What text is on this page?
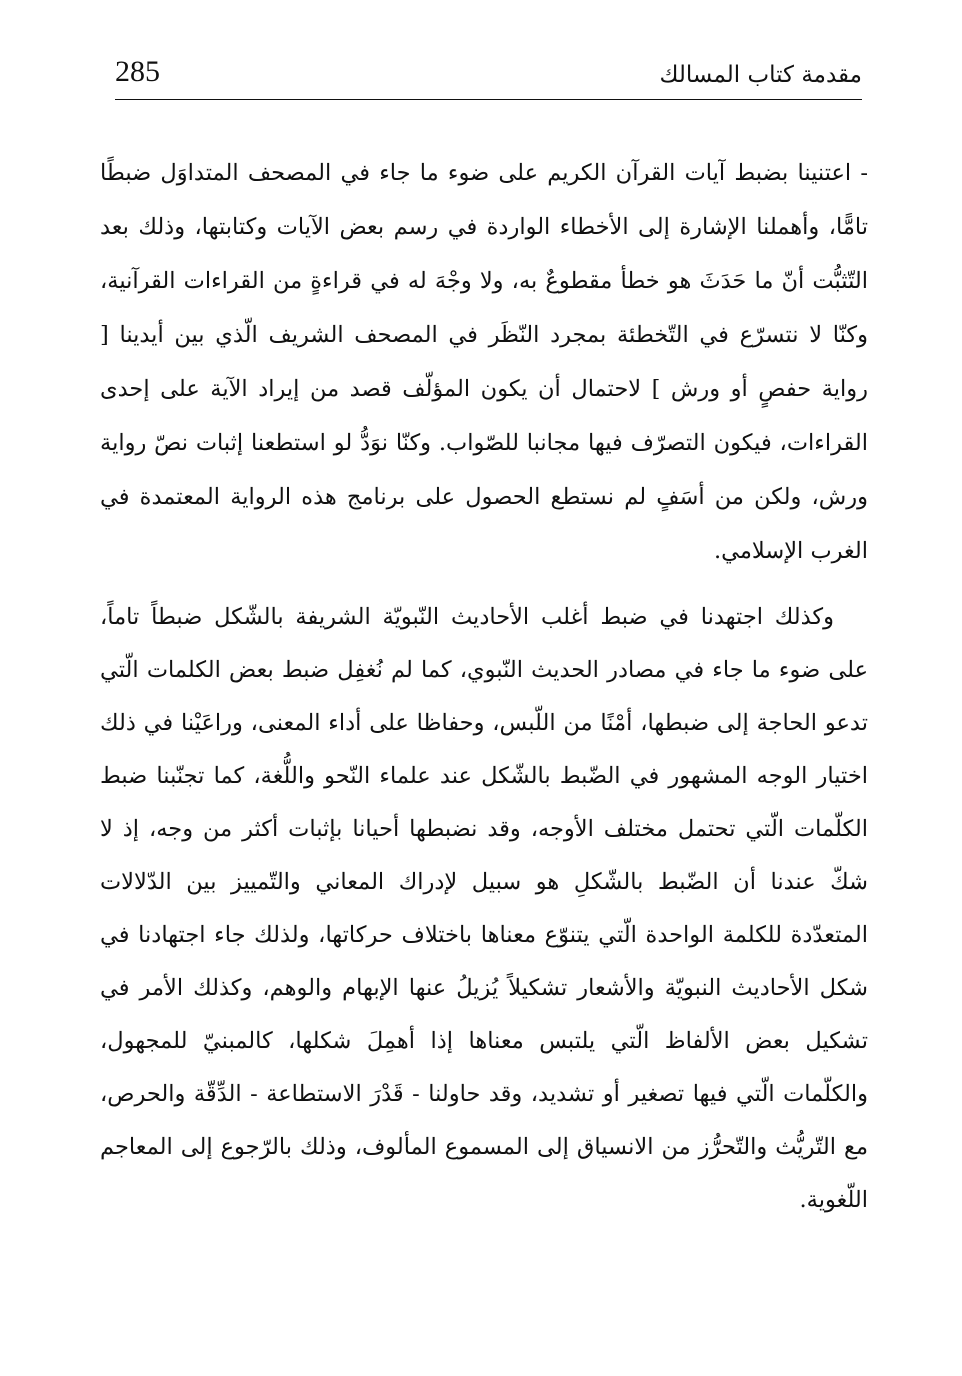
285	مقدمة كتاب المسالك

- اعتنينا بضبط آيات القرآن الكريم على ضوء ما جاء في المصحف المتداوَل ضبطًا تامًّا، وأهملنا الإشارة إلى الأخطاء الواردة في رسم بعض الآيات وكتابتها، وذلك بعد التّثبُّت أنّ ما حَدَثَ هو خطأ مقطوعٌ به، ولا وجْهَ له في قراءةٍ من القراءات القرآنية، وكنّا لا نتسرّع في التّخطئة بمجرد النّظَر في المصحف الشريف الّذي بين أيدينا [ رواية حفصٍ أو ورش ] لاحتمال أن يكون المؤلّف قصد من إيراد الآية على إحدى القراءات، فيكون التصرّف فيها مجانبا للصّواب. وكنّا نوَدُّ لو استطعنا إثبات نصّ رواية ورش، ولكن من أسَفٍ لم نستطع الحصول على برنامج هذه الرواية المعتمدة في الغرب الإسلامي.

وكذلك اجتهدنا في ضبط أغلب الأحاديث النّبويّة الشريفة بالشّكل ضبطاً تاماً، على ضوء ما جاء في مصادر الحديث النّبوي، كما لم نُغفِل ضبط بعض الكلمات الّتي تدعو الحاجة إلى ضبطها، أمْنًا من اللّبس، وحفاظا على أداء المعنى، وراعَيْنا في ذلك اختيار الوجه المشهور في الضّبط بالشّكل عند علماء النّحو واللُّغة، كما تجنّبنا ضبط الكلّمات الّتي تحتمل مختلف الأوجه، وقد نضبطها أحيانا بإثبات أكثر من وجه، إذ لا شكّ عندنا أن الضّبط بالشّكلِ هو سبيل لإدراك المعاني والتّمييز بين الدّلالات المتعدّدة للكلمة الواحدة الّتي يتنوّع معناها باختلاف حركاتها، ولذلك جاء اجتهادنا في شكل الأحاديث النبويّة والأشعار تشكيلاً يُزيلُ عنها الإبهام والوهم، وكذلك الأمر في تشكيل بعض الألفاظ الّتي يلتبس معناها إذا أهمِلَ شكلها، كالمبنيّ للمجهول، والكلّمات الّتي فيها تصغير أو تشديد، وقد حاولنا - قَدْرَ الاستطاعة - الدِّقّة والحرص، مع التّريُّث والتّحرُّز من الانسياق إلى المسموع المألوف، وذلك بالرّجوع إلى المعاجم اللّغوية.
